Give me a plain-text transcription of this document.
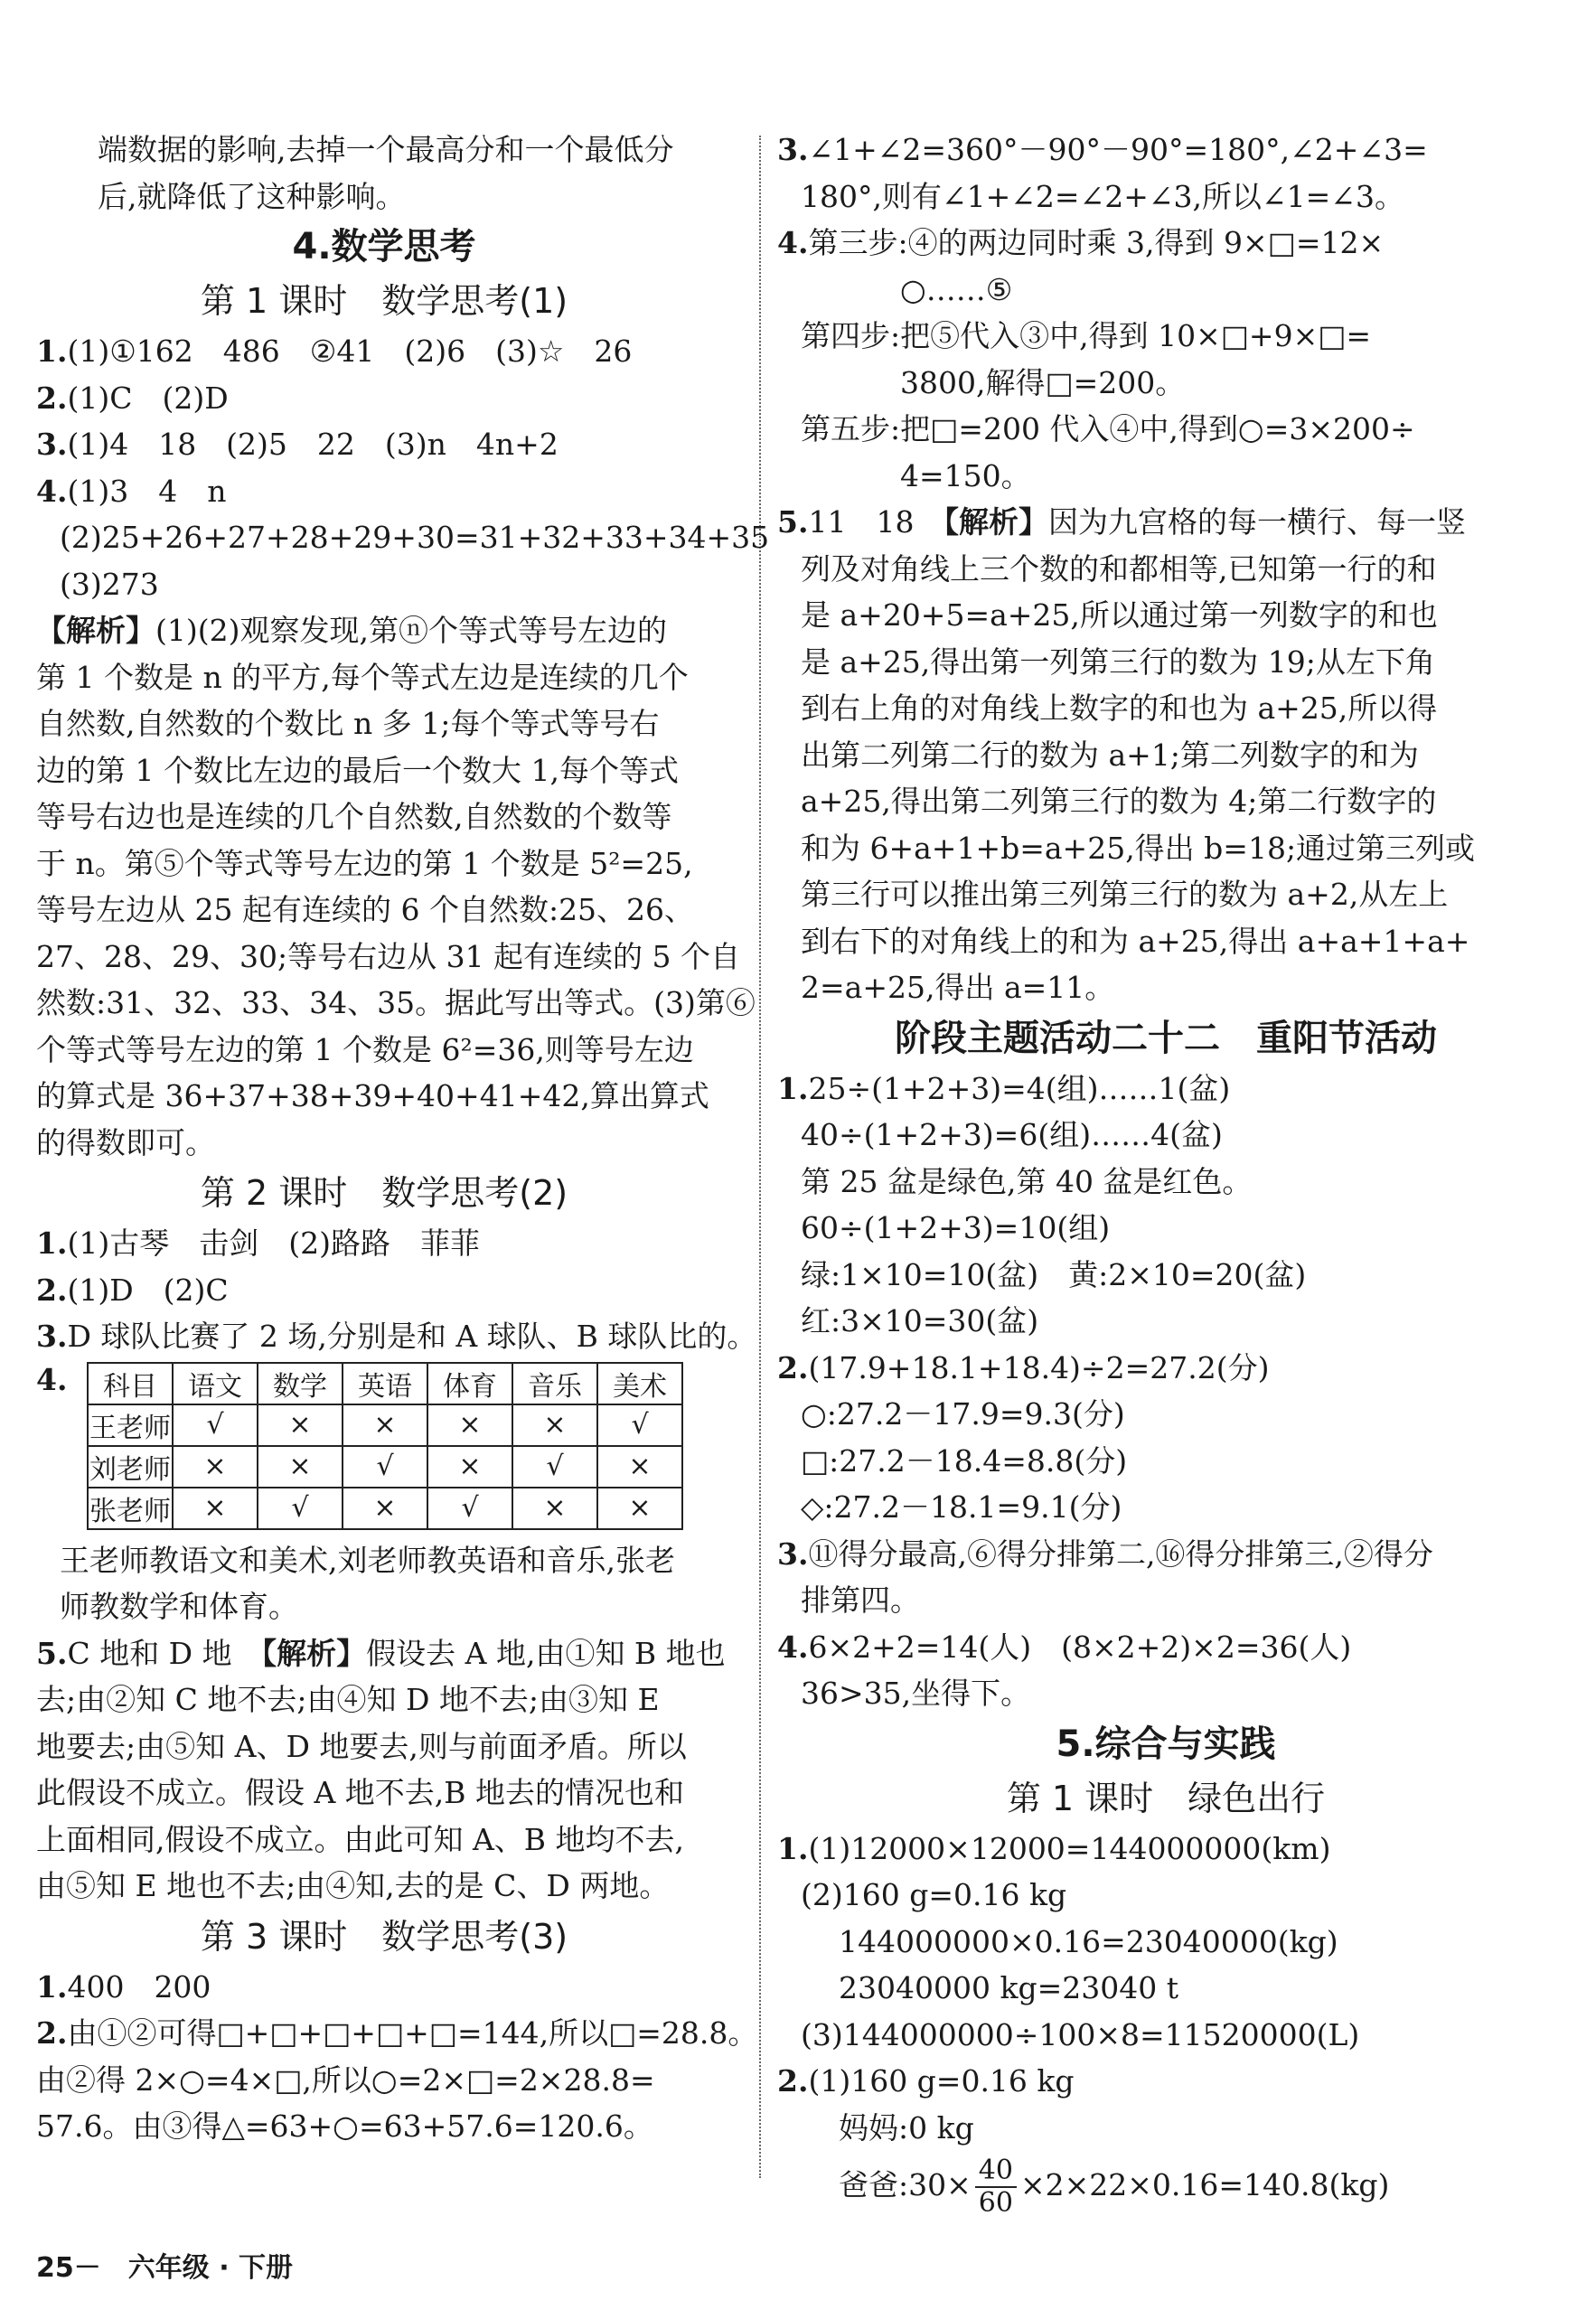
端数据的影响,去掉一个最高分和一个最低分
后,就降低了这种影响。
4.数学思考
第 1 课时　数学思考(1)
1.(1)①162　486　②41　(2)6　(3)☆　26
2.(1)C　(2)D
3.(1)4　18　(2)5　22　(3)n　4n+2
4.(1)3　4　n
(2)25+26+27+28+29+30=31+32+33+34+35
(3)273
【解析】(1)(2)观察发现,第ⓝ个等式等号左边的
第 1 个数是 n 的平方,每个等式左边是连续的几个
自然数,自然数的个数比 n 多 1;每个等式等号右
边的第 1 个数比左边的最后一个数大 1,每个等式
等号右边也是连续的几个自然数,自然数的个数等
于 n。第⑤个等式等号左边的第 1 个数是 5²=25,
等号左边从 25 起有连续的 6 个自然数:25、26、
27、28、29、30;等号右边从 31 起有连续的 5 个自
然数:31、32、33、34、35。据此写出等式。(3)第⑥
个等式等号左边的第 1 个数是 6²=36,则等号左边
的算式是 36+37+38+39+40+41+42,算出算式
的得数即可。
第 2 课时　数学思考(2)
1.(1)古琴　击剑　(2)路路　菲菲
2.(1)D　(2)C
3.D 球队比赛了 2 场,分别是和 A 球队、B 球队比的。
4. 科目	语文	数学	英语	体育	音乐	美术
王老师	√	×	×	×	×	√
刘老师	×	×	√	×	√	×
张老师	×	√	×	√	×	×
王老师教语文和美术,刘老师教英语和音乐,张老
师教数学和体育。
5.C 地和 D 地　【解析】假设去 A 地,由①知 B 地也
去;由②知 C 地不去;由④知 D 地不去;由③知 E
地要去;由⑤知 A、D 地要去,则与前面矛盾。所以
此假设不成立。假设 A 地不去,B 地去的情况也和
上面相同,假设不成立。由此可知 A、B 地均不去,
由⑤知 E 地也不去;由④知,去的是 C、D 两地。
第 3 课时　数学思考(3)
1.400　200
2.由①②可得□+□+□+□+□=144,所以□=28.8。
由②得 2×○=4×□,所以○=2×□=2×28.8=
57.6。由③得△=63+○=63+57.6=120.6。
3.∠1+∠2=360°－90°－90°=180°,∠2+∠3=
180°,则有∠1+∠2=∠2+∠3,所以∠1=∠3。
4.第三步:④的两边同时乘 3,得到 9×□=12×
○……⑤
第四步:把⑤代入③中,得到 10×□+9×□=
3800,解得□=200。
第五步:把□=200 代入④中,得到○=3×200÷
4=150。
5.11　18　【解析】因为九宫格的每一横行、每一竖
列及对角线上三个数的和都相等,已知第一行的和
是 a+20+5=a+25,所以通过第一列数字的和也
是 a+25,得出第一列第三行的数为 19;从左下角
到右上角的对角线上数字的和也为 a+25,所以得
出第二列第二行的数为 a+1;第二列数字的和为
a+25,得出第二列第三行的数为 4;第二行数字的
和为 6+a+1+b=a+25,得出 b=18;通过第三列或
第三行可以推出第三列第三行的数为 a+2,从左上
到右下的对角线上的和为 a+25,得出 a+a+1+a+
2=a+25,得出 a=11。
阶段主题活动二十二　重阳节活动
1.25÷(1+2+3)=4(组)……1(盆)
40÷(1+2+3)=6(组)……4(盆)
第 25 盆是绿色,第 40 盆是红色。
60÷(1+2+3)=10(组)
绿:1×10=10(盆)　黄:2×10=20(盆)
红:3×10=30(盆)
2.(17.9+18.1+18.4)÷2=27.2(分)
○:27.2－17.9=9.3(分)
□:27.2－18.4=8.8(分)
◇:27.2－18.1=9.1(分)
3.⑪得分最高,⑥得分排第二,⑯得分排第三,②得分
排第四。
4.6×2+2=14(人)　(8×2+2)×2=36(人)
36>35,坐得下。
5.综合与实践
第 1 课时　绿色出行
1.(1)12000×12000=144000000(km)
(2)160 g=0.16 kg
144000000×0.16=23040000(kg)
23040000 kg=23040 t
(3)144000000÷100×8=11520000(L)
2.(1)160 g=0.16 kg
妈妈:0 kg
爸爸:30× $\frac{40}{60} \times 2\times 22\times 0.16=140.8(kg)$
25－　六年级 · 下册
